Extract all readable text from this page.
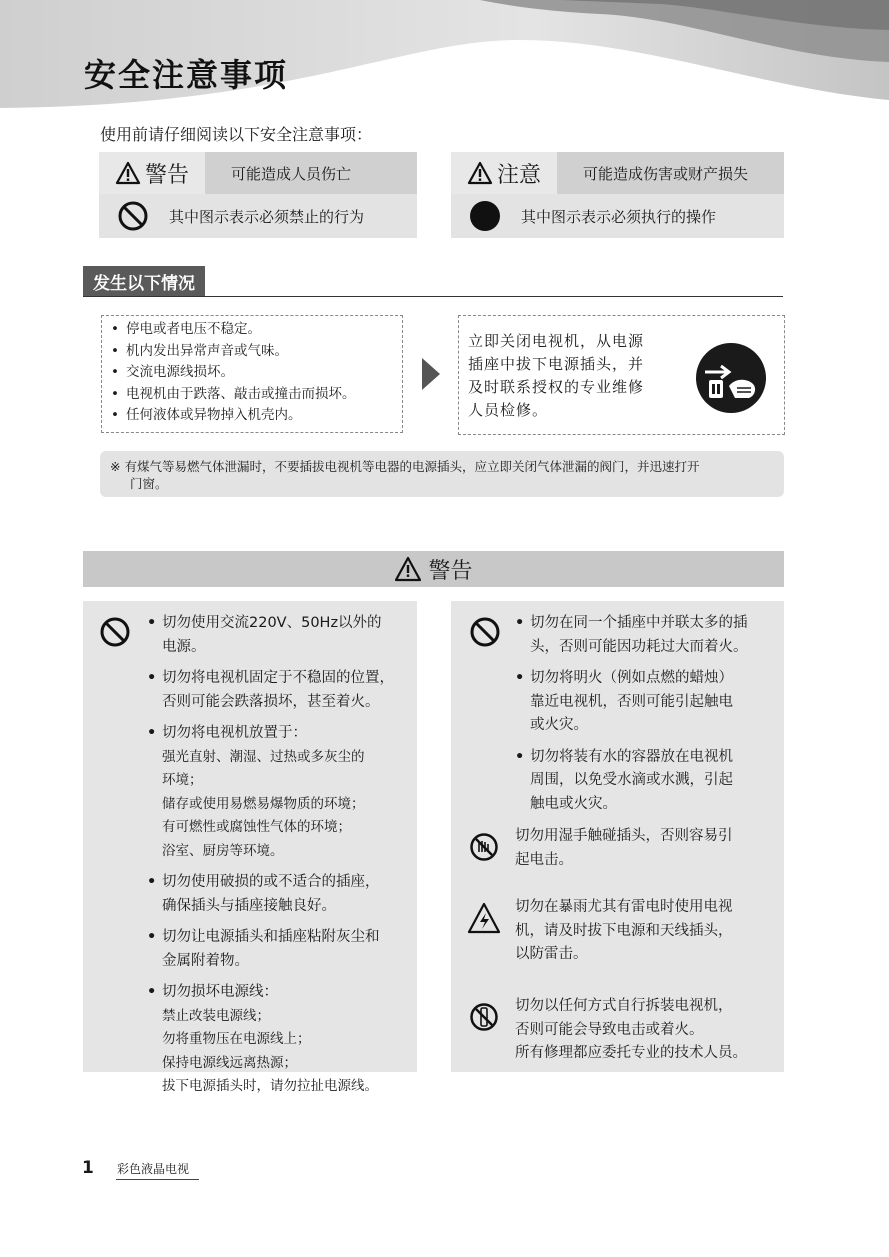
安全注意事项
使用前请仔细阅读以下安全注意事项：
警告	可能造成人员伤亡
其中图示表示必须禁止的行为
注意	可能造成伤害或财产损失
其中图示表示必须执行的操作
发生以下情况
• 停电或者电压不稳定。
• 机内发出异常声音或气味。
• 交流电源线损坏。
• 电视机由于跌落、敲击或撞击而损坏。
• 任何液体或异物掉入机壳内。
立即关闭电视机，从电源
插座中拔下电源插头，并
及时联系授权的专业维修
人员检修。
※ 有煤气等易燃气体泄漏时，不要插拔电视机等电器的电源插头，应立即关闭气体泄漏的阀门，并迅速打开
门窗。
警告
• 切勿使用交流220V、50Hz以外的
电源。
• 切勿将电视机固定于不稳固的位置，
否则可能会跌落损坏，甚至着火。
• 切勿将电视机放置于：
强光直射、潮湿、过热或多灰尘的
环境；
储存或使用易燃易爆物质的环境；
有可燃性或腐蚀性气体的环境；
浴室、厨房等环境。
• 切勿使用破损的或不适合的插座，
确保插头与插座接触良好。
• 切勿让电源插头和插座粘附灰尘和
金属附着物。
• 切勿损坏电源线：
禁止改装电源线；
勿将重物压在电源线上；
保持电源线远离热源；
拔下电源插头时，请勿拉扯电源线。
• 切勿在同一个插座中并联太多的插
头，否则可能因功耗过大而着火。
• 切勿将明火（例如点燃的蜡烛）
靠近电视机，否则可能引起触电
或火灾。
• 切勿将装有水的容器放在电视机
周围，以免受水滴或水溅，引起
触电或火灾。
切勿用湿手触碰插头，否则容易引
起电击。
切勿在暴雨尤其有雷电时使用电视
机，请及时拔下电源和天线插头，
以防雷击。
切勿以任何方式自行拆装电视机，
否则可能会导致电击或着火。
所有修理都应委托专业的技术人员。
1 彩色液晶电视
